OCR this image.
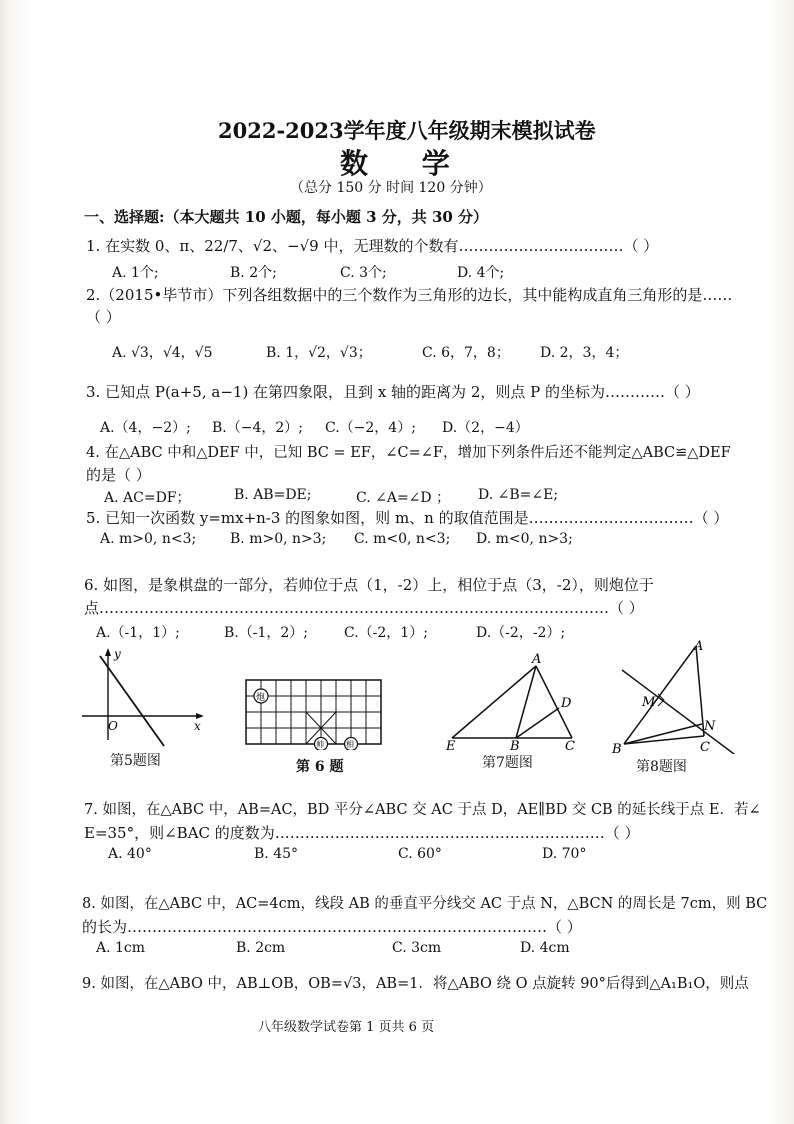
2022-2023学年度八年级期末模拟试卷
数 学
（总分 150 分 时间 120 分钟）
一、选择题:（本大题共 10 小题，每小题 3 分，共 30 分）
1. 在实数 0、π、22/7、√2、−√9 中，无理数的个数有……………………………（ ）
A. 1个;	B. 2个;	C. 3个;	D. 4个;
2.（2015•毕节市）下列各组数据中的三个数作为三角形的边长，其中能构成直角三角形的是……
（ ）
A. √3，√4，√5	B. 1，√2，√3；	C. 6，7，8； D. 2，3，4；
3. 已知点 P(a+5, a−1) 在第四象限，且到 x 轴的距离为 2，则点 P 的坐标为…………（ ）
A.（4，−2）; B.（−4，2）; C.（−2，4）; D.（2，−4）
4. 在△ABC 中和△DEF 中，已知 BC = EF，∠C=∠F，增加下列条件后还不能判定△ABC≌△DEF
的是（ ）
A. AC=DF；	B. AB=DE;	C. ∠A=∠D ； D. ∠B=∠E;
5. 已知一次函数 y=mx+n-3 的图象如图，则 m、n 的取值范围是……………………………（ ）
A. m>0, n<3; B. m>0, n>3; C. m<0, n<3; D. m<0, n>3;
6. 如图，是象棋盘的一部分，若帅位于点（1，-2）上，相位于点（3，-2），则炮位于
点…………………………………………………………………………………………（ ）
A.（-1，1）;	B.（-1，2）;	C.（-2，1）;	D.（-2，-2）;
y
O	x
第5题图
炮
帅	相
第 6 题
A
D
E	B	C
第7题图
A
M
N
B	C
第8题图
7. 如图，在△ABC 中，AB=AC，BD 平分∠ABC 交 AC 于点 D，AE∥BD 交 CB 的延长线于点 E．若∠
E=35°，则∠BAC 的度数为…………………………………………………………（ ）
A. 40°	B. 45°	C. 60°	D. 70°
8. 如图，在△ABC 中，AC=4cm，线段 AB 的垂直平分线交 AC 于点 N，△BCN 的周长是 7cm，则 BC
的长为…………………………………………………………………………（ ）
A. 1cm	B. 2cm	C. 3cm	D. 4cm
9. 如图，在△ABO 中，AB⊥OB，OB=√3，AB=1．将△ABO 绕 O 点旋转 90°后得到△A₁B₁O，则点
八年级数学试卷第 1 页共 6 页
